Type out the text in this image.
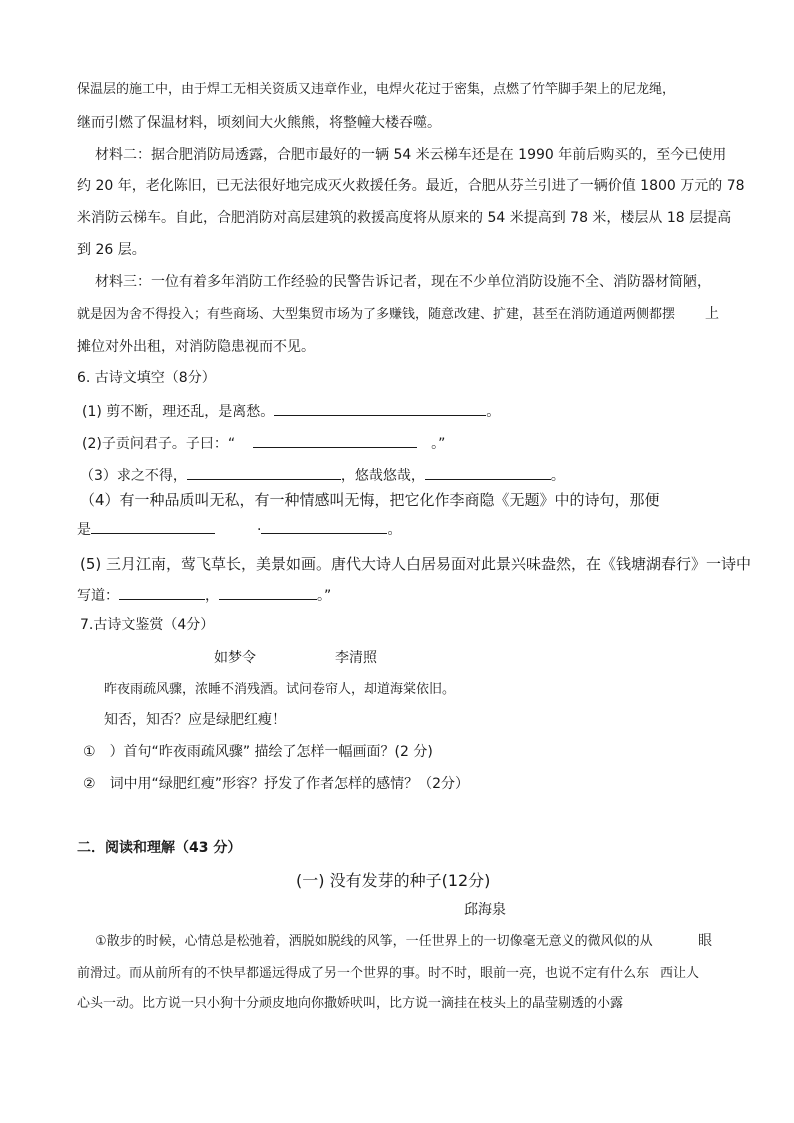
保温层的施工中，由于焊工无相关资质又违章作业，电焊火花过于密集，点燃了竹竿脚手架上的尼龙绳，
继而引燃了保温材料，顷刻间大火熊熊，将整幢大楼吞噬。
材料二：据合肥消防局透露，合肥市最好的一辆 54 米云梯车还是在 1990 年前后购买的，至今已使用
约 20 年，老化陈旧，已无法很好地完成灭火救援任务。最近，合肥从芬兰引进了一辆价值 1800 万元的 78
米消防云梯车。自此，合肥消防对高层建筑的救援高度将从原来的 54 米提高到 78 米，楼层从 18 层提高
到 26 层。
材料三：一位有着多年消防工作经验的民警告诉记者，现在不少单位消防设施不全、消防器材简陋，
就是因为舍不得投入；有些商场、大型集贸市场为了多赚钱，随意改建、扩建，甚至在消防通道两侧都摆 上
摊位对外出租，对消防隐患视而不见。
6. 古诗文填空（8分）
(1) 剪不断，理还乱，是离愁。	。
(2)子贡问君子。子曰：“	。”
（3）求之不得，	，悠哉悠哉，	。
（4）有一种品质叫无私，有一种情感叫无悔，把它化作李商隐《无题》中的诗句，那便
是	·	。
(5) 三月江南，莺飞草长，美景如画。唐代大诗人白居易面对此景兴味盎然，在《钱塘湖春行》一诗中
写道：	，	。”
7.古诗文鉴赏（4分）
如梦令	李清照
昨夜雨疏风骤，浓睡不消残酒。试问卷帘人，却道海棠依旧。
知否，知否？应是绿肥红瘦！
① ）首句“昨夜雨疏风骤” 描绘了怎样一幅画面？(2 分)
② 词中用“绿肥红瘦”形容？抒发了作者怎样的感情？（2分）
二．阅读和理解（43 分）
(一) 没有发芽的种子(12分)
邱海泉
①散步的时候，心情总是松弛着，洒脱如脱线的风筝，一任世界上的一切像毫无意义的微风似的从	眼
前滑过。而从前所有的不快早都遥远得成了另一个世界的事。时不时，眼前一亮，也说不定有什么东 西让人
心头一动。比方说一只小狗十分顽皮地向你撒娇吠叫，比方说一滴挂在枝头上的晶莹剔透的小露
